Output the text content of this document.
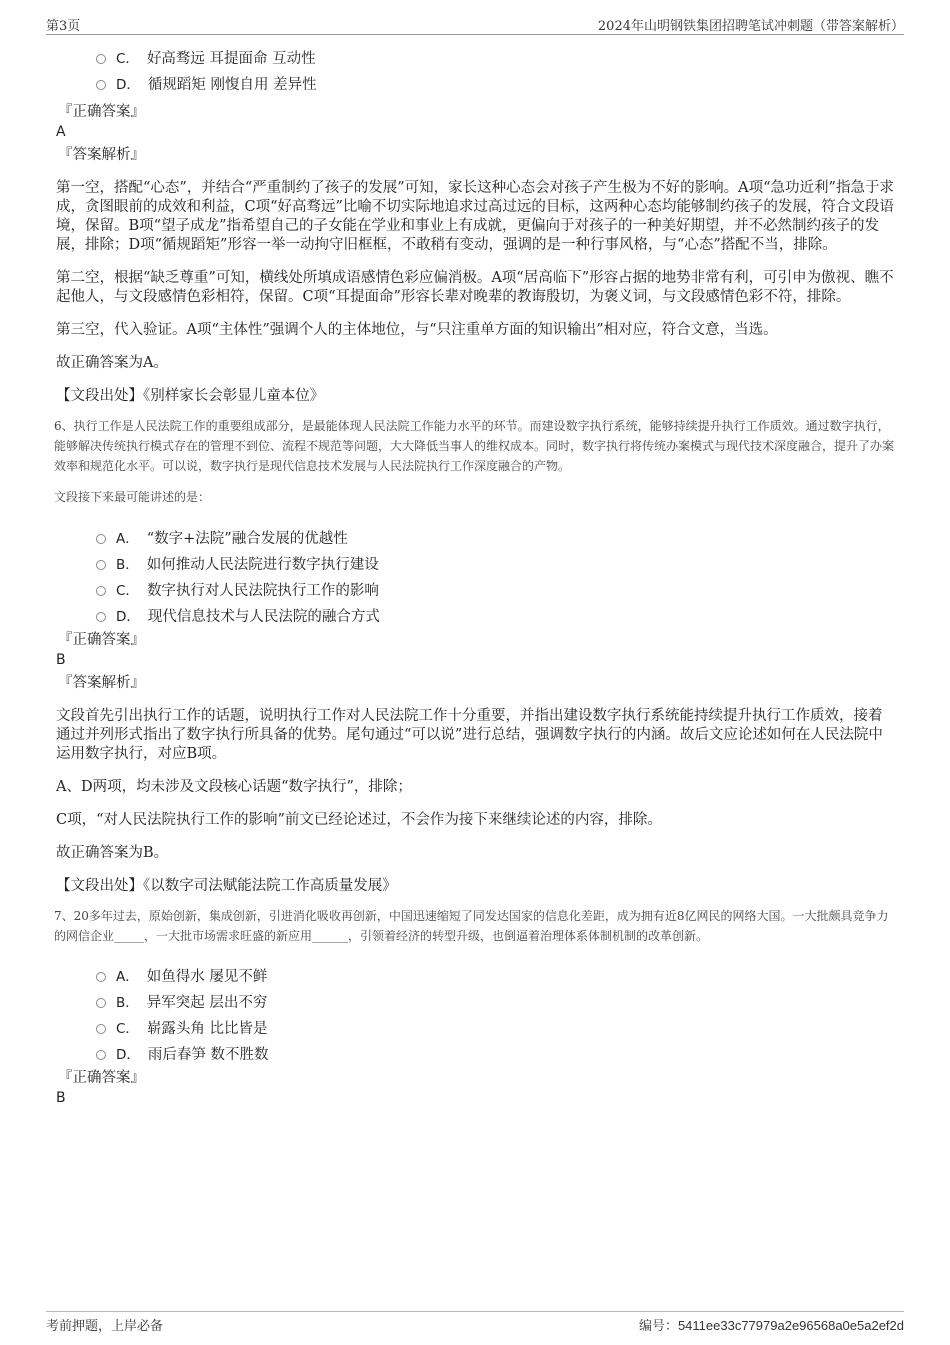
第3页	2024年山明钢铁集团招聘笔试冲刺题（带答案解析）
C． 好高骛远 耳提面命 互动性
D． 循规蹈矩 刚愎自用 差异性
『正确答案』
A
『答案解析』

第一空，搭配“心态”，并结合“严重制约了孩子的发展”可知，家长这种心态会对孩子产生极为不好的影响。A项“急功近利”指急于求成，贪图眼前的成效和利益，C项“好高骛远”比喻不切实际地追求过高过远的目标，这两种心态均能够制约孩子的发展，符合文段语境，保留。B项“望子成龙”指希望自己的子女能在学业和事业上有成就，更偏向于对孩子的一种美好期望，并不必然制约孩子的发展，排除；D项“循规蹈矩”形容一举一动拘守旧框框，不敢稍有变动，强调的是一种行事风格，与“心态”搭配不当，排除。

第二空，根据“缺乏尊重”可知，横线处所填成语感情色彩应偏消极。A项“居高临下”形容占据的地势非常有利，可引申为傲视、瞧不起他人，与文段感情色彩相符，保留。C项“耳提面命”形容长辈对晚辈的教诲殷切，为褒义词，与文段感情色彩不符，排除。

第三空，代入验证。A项“主体性”强调个人的主体地位，与“只注重单方面的知识输出”相对应，符合文意，当选。

故正确答案为A。

【文段出处】《别样家长会彰显儿童本位》

6、执行工作是人民法院工作的重要组成部分，是最能体现人民法院工作能力水平的环节。而建设数字执行系统，能够持续提升执行工作质效。通过数字执行，能够解决传统执行模式存在的管理不到位、流程不规范等问题，大大降低当事人的维权成本。同时，数字执行将传统办案模式与现代技术深度融合，提升了办案效率和规范化水平。可以说，数字执行是现代信息技术发展与人民法院执行工作深度融合的产物。
文段接下来最可能讲述的是：
A． “数字+法院”融合发展的优越性
B． 如何推动人民法院进行数字执行建设
C． 数字执行对人民法院执行工作的影响
D． 现代信息技术与人民法院的融合方式
『正确答案』
B
『答案解析』

文段首先引出执行工作的话题，说明执行工作对人民法院工作十分重要，并指出建设数字执行系统能持续提升执行工作质效，接着通过并列形式指出了数字执行所具备的优势。尾句通过“可以说”进行总结，强调数字执行的内涵。故后文应论述如何在人民法院中运用数字执行，对应B项。

A、D两项，均未涉及文段核心话题“数字执行”，排除；

C项，“对人民法院执行工作的影响”前文已经论述过，不会作为接下来继续论述的内容，排除。

故正确答案为B。

【文段出处】《以数字司法赋能法院工作高质量发展》

7、20多年过去，原始创新，集成创新，引进消化吸收再创新，中国迅速缩短了同发达国家的信息化差距，成为拥有近8亿网民的网络大国。一大批颇具竞争力的网信企业_____，一大批市场需求旺盛的新应用______，引领着经济的转型升级，也倒逼着治理体系体制机制的改革创新。
A． 如鱼得水 屡见不鲜
B． 异军突起 层出不穷
C． 崭露头角 比比皆是
D． 雨后春笋 数不胜数
『正确答案』
B
考前押题，上岸必备	编号：5411ee33c77979a2e96568a0e5a2ef2d
